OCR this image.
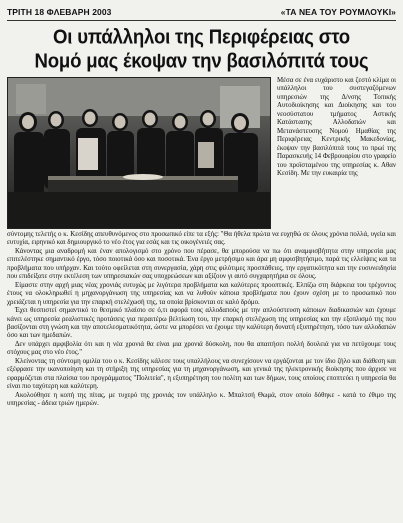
ΤΡΙΤΗ 18 ΦΛΕΒΑΡΗ 2003	«ΤΑ ΝΕΑ ΤΟΥ ΡΟΥΜΛΟΥΚΙ»
Οι υπάλληλοι της Περιφέρειας στο
Νομό μας έκοψαν την βασιλόπιτά τους

Μέσα σε ένα ευχάριστο και ζεστό κλίμα οι υπάλληλοι του συστεγαζόμενων υπηρεσιών της Δ/νσης Τοπικής Αυτοδιοίκησης και Διοίκησης και του νεοσύστατου τμήματος Αστικής Κατάστασης Αλλοδαπών και Μετανάστευσης Νομού Ημαθίας της Περιφέρειας Κεντρικής Μακεδονίας, έκοψαν την βασιλόπιτά τους το πρωί της Παρασκευής 14 Φεβρουαρίου στο γραφείο του προϊσταμένου της υπηρεσίας κ. Αθαν Κεσίδη. Με την ευκαιρία της

σύντομης τελετής ο κ. Κεσίδης απευθυνόμενος στο προσωπικό είπε τα εξής: "Θα ήθελα πρώτα να ευχηθώ σε όλους χρόνια πολλά, υγεία και ευτυχία, ειρηνικό και δημιουργικό το νέο έτος για εσάς και τις οικογένειές σας.

Κάνοντας μια αναδρομή και έναν απολογισμό στο χρόνο που πέρασε, θα μπορούσα να πω ότι αναμφισβήτητα στην υπηρεσία μας επιτελέστηκε σημαντικό έργο, τόσο ποιοτικά όσο και ποσοτικά. Ένα έργο μετρήσιμο και άρα μη αμφισβητήσιμο, παρά τις ελλείψεις και τα προβλήματα που υπήρχαν. Και τούτο οφείλεται στη συνεργασία, χάρη στις φιλότιμες προσπάθειες, την εργατικότητα και την ευσυνειδησία που επιδείξατε στην εκτέλεση των υπηρεσιακών σας υποχρεώσεων και αξίζουν γι αυτό συγχαρητήρια σε όλους.

Είμαστε στην αρχή μιας νέας χρονιάς ευτυχώς με λιγότερα προβλήματα και καλύτερες προοπτικές. Ελπίζω στη διάρκεια του τρέχοντος έτους να ολοκληρωθεί η μηχανοργάνωση της υπηρεσίας και να λυθούν κάποια προβλήματα που έχουν σχέση με το προσωπικό που χρειάζεται η υπηρεσία για την επαρκή στελέχωσή της, τα οποία βρίσκονται σε καλό δρόμο.

Έχει θεσπιστεί σημαντικό το θεσμικό πλαίσιο σε ό,τι αφορά τους αλλοδαπούς με την απλούστευση κάποιων διαδικασιών και έχουμε κάνει ως υπηρεσία ρεαλιστικές προτάσεις για περαιτέρω βελτίωση του, την επαρκή στελέχωση της υπηρεσίας και την εξοπλισμό της που βασίζονται στη γνώση και την αποτελεσματικότητα, ώστε να μπορέσει να έχουμε την καλύτερη δυνατή εξυπηρέτηση, τόσο των αλλοδαπών όσο και των ημεδαπών.

Δεν υπάρχει αμφιβολία ότι και η νέα χρονιά θα είναι μια χρονιά δύσκολη, που θα απαιτήσει πολλή δουλειά για να πετύχουμε τους στόχους μας στο νέο έτος."

Κλείνοντας τη σύντομη ομιλία του ο κ. Κεσίδης κάλεσε τους υπαλλήλους να συνεχίσουν να εργάζονται με τον ίδιο ζήλο και διάθεση και εξέφρασε την ικανοποίηση και τη στήριξη της υπηρεσίας για τη μηχανοργάνωση, και γενικά της ηλεκτρονικής διοίκησης που άρχισε να εφαρμόζεται στα πλαίσια του προγράμματος "Πολιτεία", η εξυπηρέτηση του πολίτη και των δήμων, τους οποίους εποπτεύει η υπηρεσία θα είναι πιο ταχύτερη και καλύτερη.

Ακολούθησε η κοπή της πίτας, με τυχερό της χρονιάς τον υπάλληλο κ. Μπαλτσή Θωμά, στον οποίο δόθηκε - κατά το έθιμο της υπηρεσίας - άδεια τριών ημερών.
